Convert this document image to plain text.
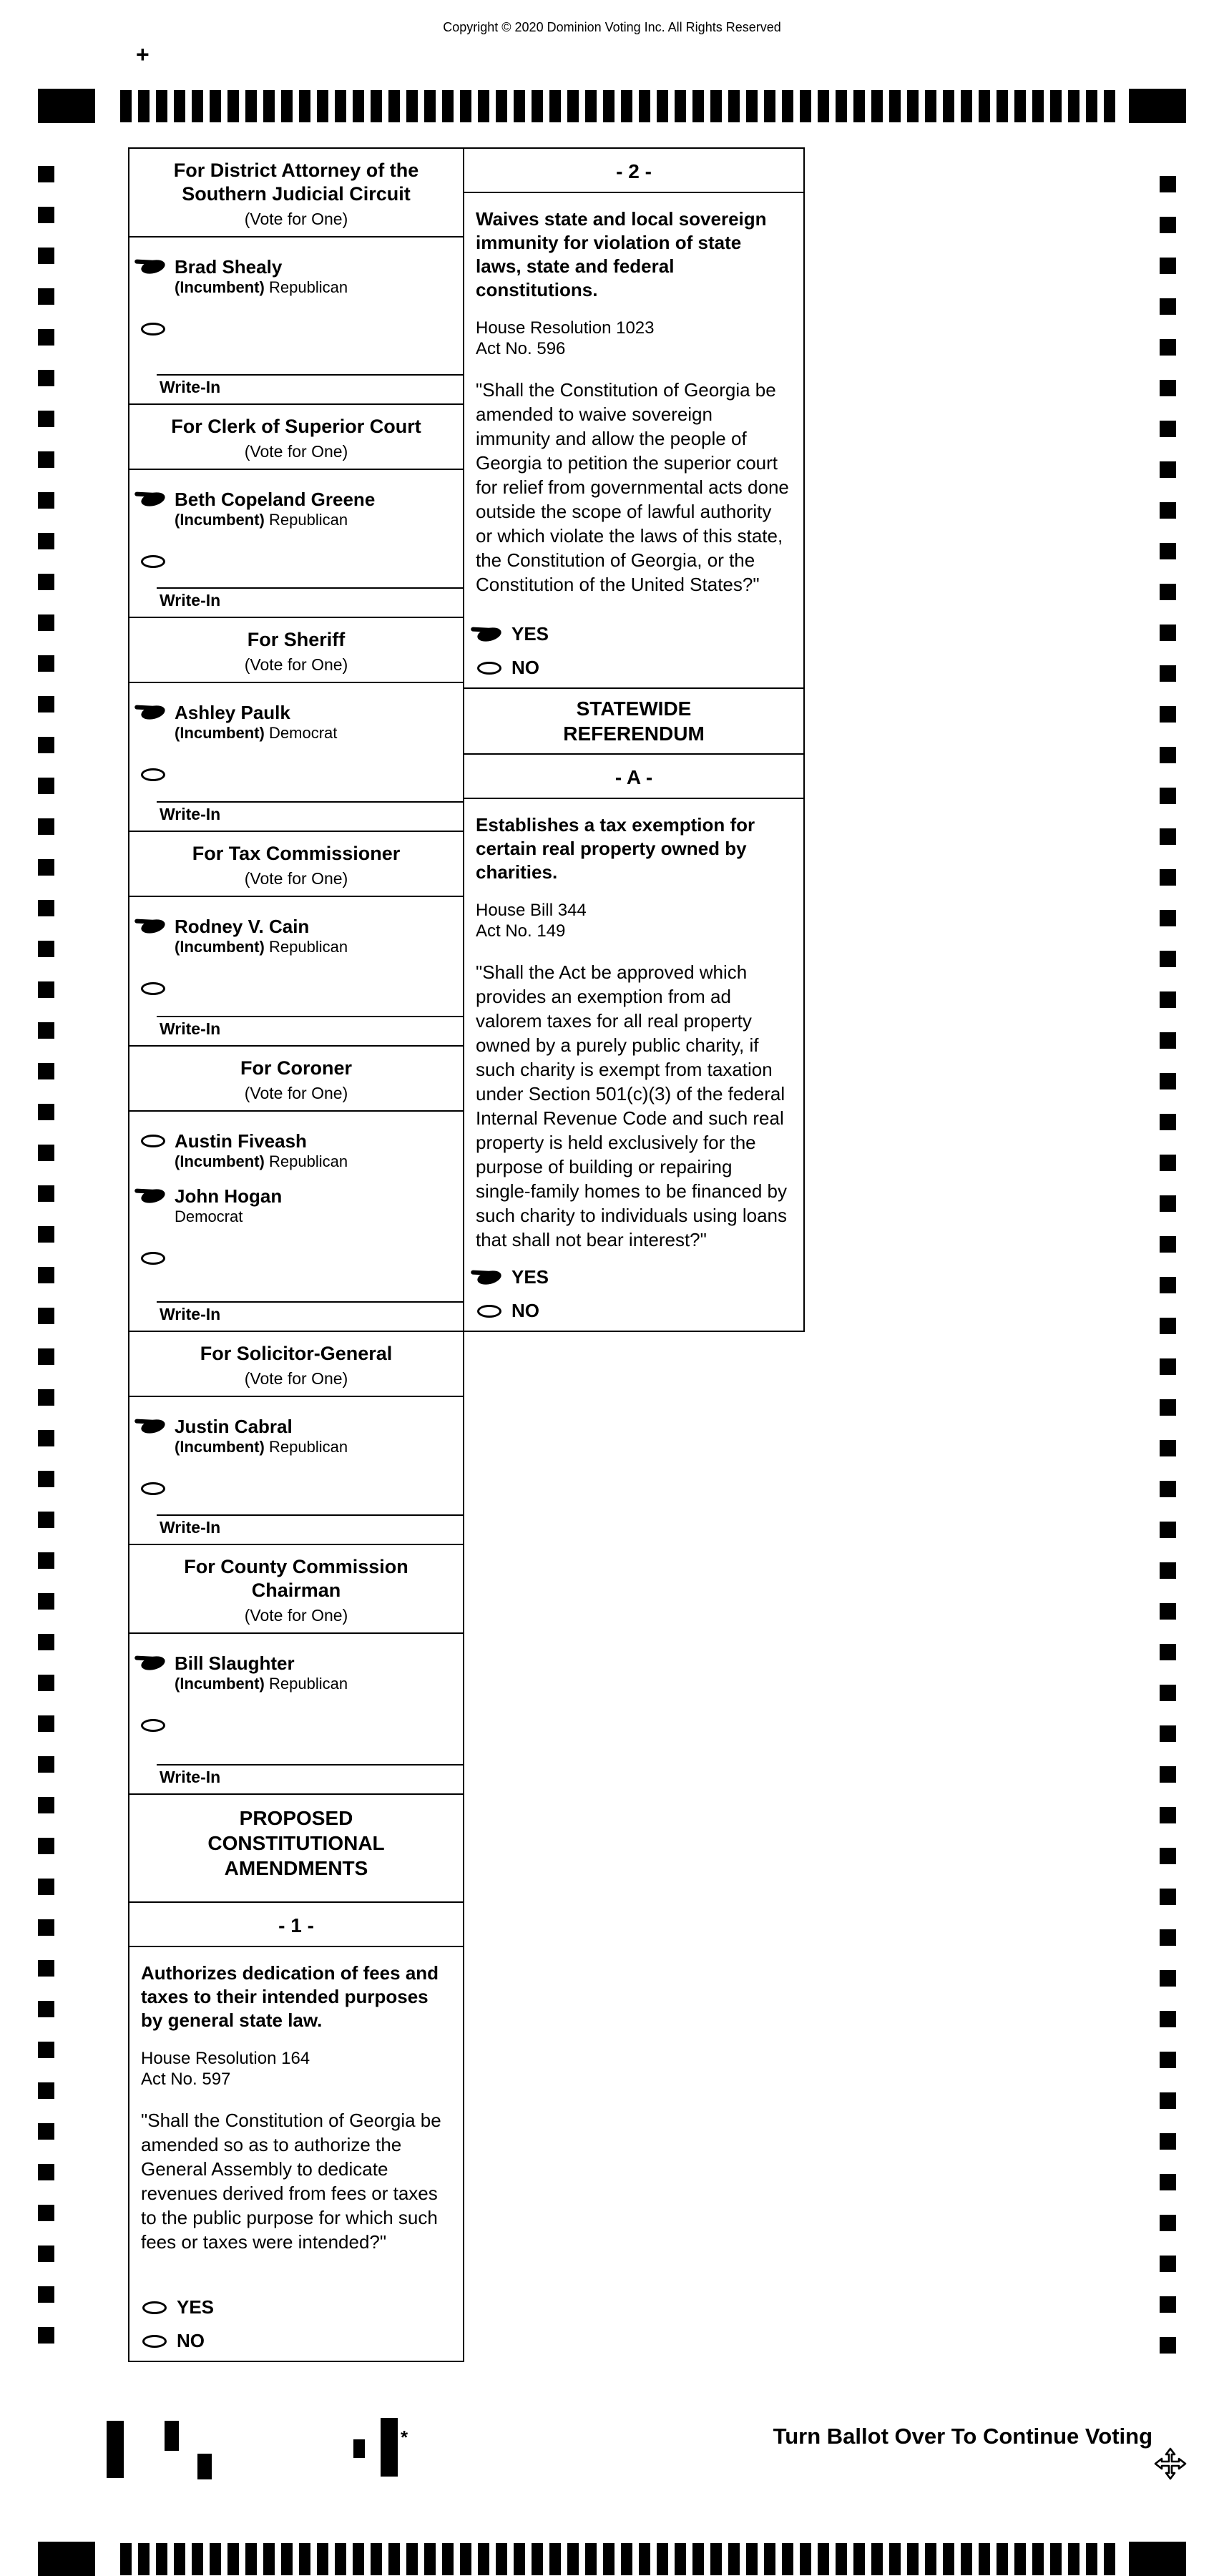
Copyright © 2020 Dominion Voting Inc. All Rights Reserved
+
For District Attorney of the
Southern Judicial Circuit
(Vote for One)
Brad Shealy
(Incumbent) Republican
Write-In
For Clerk of Superior Court
(Vote for One)
Beth Copeland Greene
(Incumbent) Republican
Write-In
For Sheriff
(Vote for One)
Ashley Paulk
(Incumbent) Democrat
Write-In
For Tax Commissioner
(Vote for One)
Rodney V. Cain
(Incumbent) Republican
Write-In
For Coroner
(Vote for One)
Austin Fiveash
(Incumbent) Republican
John Hogan
Democrat
Write-In
For Solicitor-General
(Vote for One)
Justin Cabral
(Incumbent) Republican
Write-In
For County Commission
Chairman
(Vote for One)
Bill Slaughter
(Incumbent) Republican
Write-In
PROPOSED
CONSTITUTIONAL
AMENDMENTS
- 1 -
Authorizes dedication of fees and taxes to their intended purposes by general state law.
House Resolution 164
Act No. 597
"Shall the Constitution of Georgia be amended so as to authorize the General Assembly to dedicate revenues derived from fees or taxes to the public purpose for which such fees or taxes were intended?"
YES
NO
- 2 -
Waives state and local sovereign immunity for violation of state laws, state and federal constitutions.
House Resolution 1023
Act No. 596
"Shall the Constitution of Georgia be amended to waive sovereign immunity and allow the people of Georgia to petition the superior court for relief from governmental acts done outside the scope of lawful authority or which violate the laws of this state, the Constitution of Georgia, or the Constitution of the United States?"
YES
NO
STATEWIDE
REFERENDUM
- A -
Establishes a tax exemption for certain real property owned by charities.
House Bill 344
Act No. 149
"Shall the Act be approved which provides an exemption from ad valorem taxes for all real property owned by a purely public charity, if such charity is exempt from taxation under Section 501(c)(3) of the federal Internal Revenue Code and such real property is held exclusively for the purpose of building or repairing single-family homes to be financed by such charity to individuals using loans that shall not bear interest?"
YES
NO
*	Turn Ballot Over To Continue Voting
